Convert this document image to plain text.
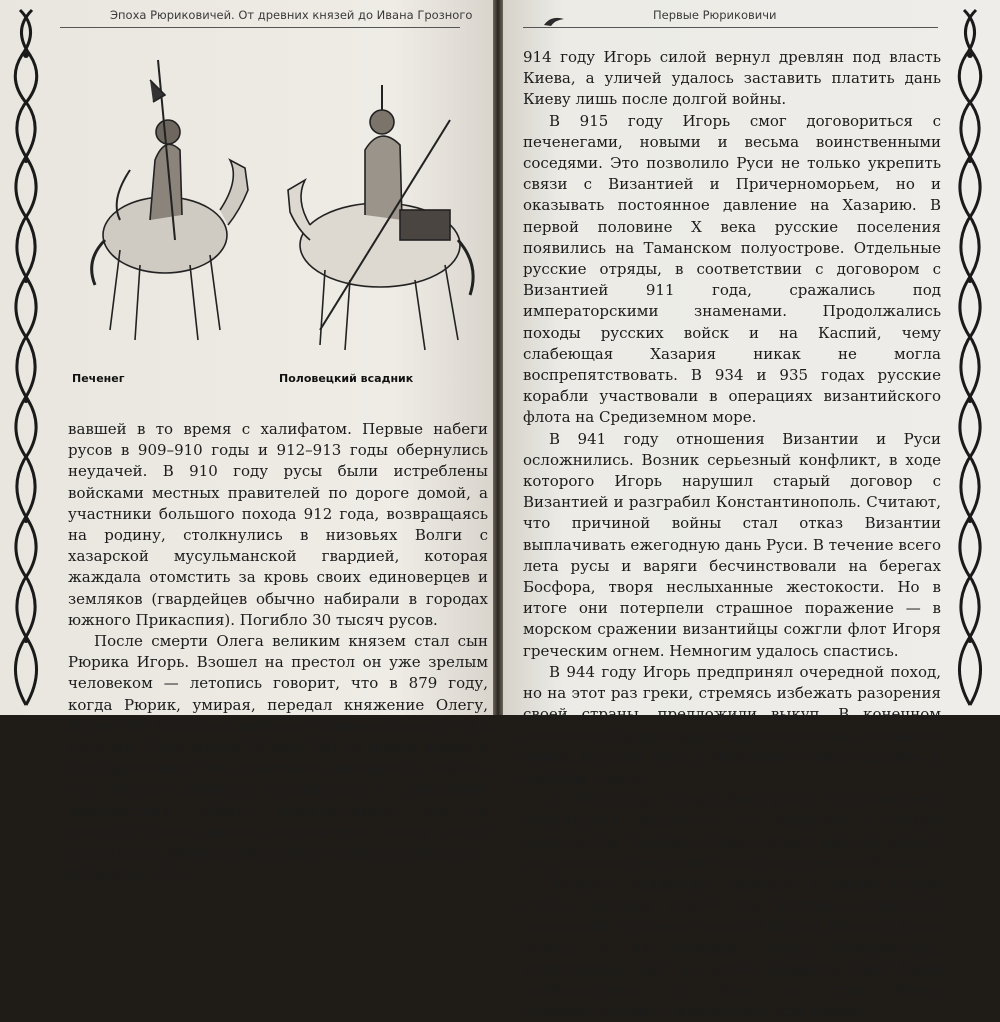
Эпоха Рюриковичей. От древних князей до Ивана Грозного
Печенег	Половецкий всадник

вавшей в то время с халифатом. Первые набеги русов в 909–910 годы и 912–913 годы обернулись неудачей. В 910 году русы были истреблены войсками местных правителей по дороге домой, а участники большого похода 912 года, возвращаясь на родину, столкнулись в низовьях Волги с хазарской мусульманской гвардией, которая жаждала отомстить за кровь своих единоверцев и земляков (гвардейцев обычно набирали в городах южного Прикаспия). Погибло 30 тысяч русов.

После смерти Олега великим князем стал сын Рюрика Игорь. Взошел на престол он уже зрелым человеком — летопись говорит, что в 879 году, когда Рюрик, умирая, передал княжение Олегу, Игорь «бе бо детеск вельми», следовательно, в 912 году ему было около 35 лет. Мы не много знаем о его правлении. Это умолчание наводит на мысль, что Игорю довелось столкнуться с немалыми трудностями. Можно предположить, что со смертью Олега многие подвластные Киеву земли попытались вернуть себе былую самостоятельность. Известно, что

Первые Рюриковичи

914 году Игорь силой вернул древлян под власть Киева, а уличей удалось заставить платить дань Киеву лишь после долгой войны.

В 915 году Игорь смог договориться с печенегами, новыми и весьма воинственными соседями. Это позволило Руси не только укрепить связи с Византией и Причерноморьем, но и оказывать постоянное давление на Хазарию. В первой половине X века русские поселения появились на Таманском полуострове. Отдельные русские отряды, в соответствии с договором с Византией 911 года, сражались под императорскими знаменами. Продолжались походы русских войск и на Каспий, чему слабеющая Хазария никак не могла воспрепятствовать. В 934 и 935 годах русские корабли участвовали в операциях византийского флота на Средиземном море.

В 941 году отношения Византии и Руси осложнились. Возник серьезный конфликт, в ходе которого Игорь нарушил старый договор с Византией и разграбил Константинополь. Считают, что причиной войны стал отказ Византии выплачивать ежегодную дань Руси. В течение всего лета русы и варяги бесчинствовали на берегах Босфора, творя неслыханные жестокости. Но в итоге они потерпели страшное поражение — в морском сражении византийцы сожгли флот Игоря греческим огнем. Немногим удалось спастись.

В 944 году Игорь предпринял очередной поход, но на этот раз греки, стремясь избежать разорения своей страны, предложили выкуп. В конечном счете после длительных переговоров был заключен новый договор Руси и Византии о мире, дружбе и военном союзе.

В 945 году Игорь был убит. Погубила его непомерная жадность: он вернулся в землю непокорных древлян, чтобы собрать дань во второй раз, и они не стерпели такого нарушения обычаев.

Великое княжение перешло к вдове Игоря Ольге. Первым делом она жестоко отомстила древлянам за своего мужа. Поселы древлян были убиты, а их столица, город Искоростень, уничтожена. Тем не менее размеры дани были пересмотрены, а сбор ее стал более упорядоченным — фактически она превра-
